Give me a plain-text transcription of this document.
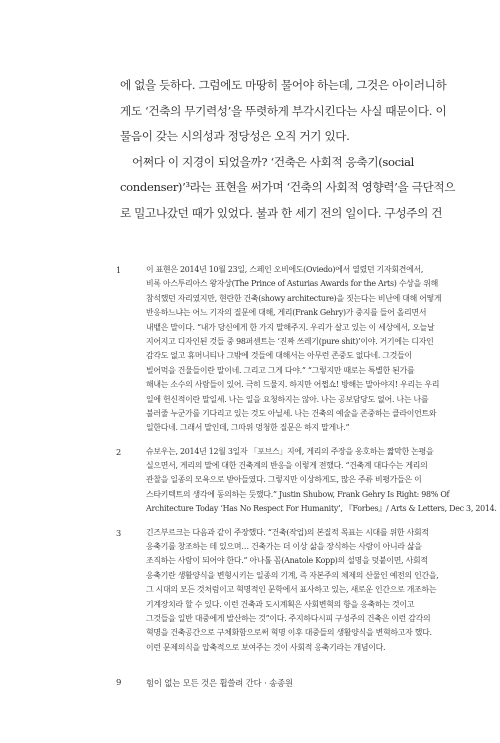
에 없을 듯하다. 그럼에도 마땅히 물어야 하는데, 그것은 아이러니하
게도 ‘건축의 무기력성’을 뚜렷하게 부각시킨다는 사실 때문이다. 이
물음이 갖는 시의성과 정당성은 오직 거기 있다.
어쩌다 이 지경이 되었을까? ‘건축은 사회적 응축기(social
condenser)’³라는 표현을 써가며 ‘건축의 사회적 영향력’을 극단적으
로 밀고나갔던 때가 있었다. 불과 한 세기 전의 일이다. 구성주의 건
1	이 표현은 2014년 10월 23일, 스페인 오비에도(Oviedo)에서 열렸던 기자회견에서,
비록 아스투리아스 왕자상(The Prince of Asturias Awards for the Arts) 수상을 위해
참석했던 자리였지만, 현란한 건축(showy architecture)을 짓는다는 비난에 대해 어떻게
반응하느냐는 어느 기자의 질문에 대해, 게리(Frank Gehry)가 중지를 들어 올리면서
내뱉은 말이다. “내가 당신에게 한 가지 말해주지. 우리가 살고 있는 이 세상에서, 오늘날
지어지고 디자인된 것들 중 98퍼센트는 ‘진짜 쓰레기(pure shit)’이야. 거기에는 디자인
감각도 없고 휴머니티나 그밖에 것들에 대해서는 아무런 존중도 없다네. 그것들이
빌어먹을 건물들이란 말이네. 그리고 그게 다야.” “그렇지만 때로는 특별한 된가를
해내는 소수의 사람들이 있어. 극히 드물지. 하지만 어쩝쇼! 방해는 말아야지! 우리는 우리
일에 헌신적이란 말일세. 나는 일을 요청하지는 않아. 나는 공보담당도 없어. 나는 나를
불러줄 누군가를 기다리고 있는 것도 아닐세. 나는 건축의 예술을 존중하는 클라이언트와
일한다네. 그래서 말인데, 그따위 멍청한 질문은 하지 말게나.”
2	슈보우는, 2014년 12월 3일자 「포브스」지에, 게리의 주장을 옹호하는 짧막한 논평을
실으면서, 게리의 말에 대한 건축계의 반응을 이렇게 전했다. “건축계 대다수는 게리의
관찰을 일종의 모욕으로 받아들였다. 그렇지만 이상하게도, 많은 주류 비평가들은 이
스타키텍트의 생각에 동의하는 듯했다.” Justin Shubow, Frank Gehry Is Right: 98% Of
Architecture Today ‘Has No Respect For Humanity’, 『Forbes』/ Arts & Letters, Dec 3, 2014.
3	긴즈부르크는 다음과 같이 주장했다. “건축(작업)의 본질적 목표는 시대를 위한 사회적
응축기를 창조하는 데 있으며… 건축가는 더 이상 삶을 장식하는 사람이 아니라 삶을
조직하는 사람이 되어야 한다.” 아나톨 꼼(Anatole Kopp)의 설명을 덧붙이면, 사회적
응축기란 생활양식을 변형시키는 일종의 기계, 즉 자본주의 체제의 산물인 예전의 인간을,
그 시대의 모든 것처럼이고 혁명적인 문학에서 표사하고 있는, 새로운 인간으로 개조하는
기계장치라 할 수 있다. 이런 건축과 도시계획은 사회변혁의 항을 응축하는 것이고
그것들을 일반 대중에게 발산하는 것”이다. 주지하다시피 구성주의 건축은 이런 감각의
혁명을 건축공간으로 구체화함으로써 혁명 이후 대중들의 생활양식을 변혁하고자 했다.
이런 문제의식을 압축적으로 보여주는 것이 사회적 응축기라는 개념이다.
9	힘이 없는 모든 것은 휩쓸려 간다 · 송종원
